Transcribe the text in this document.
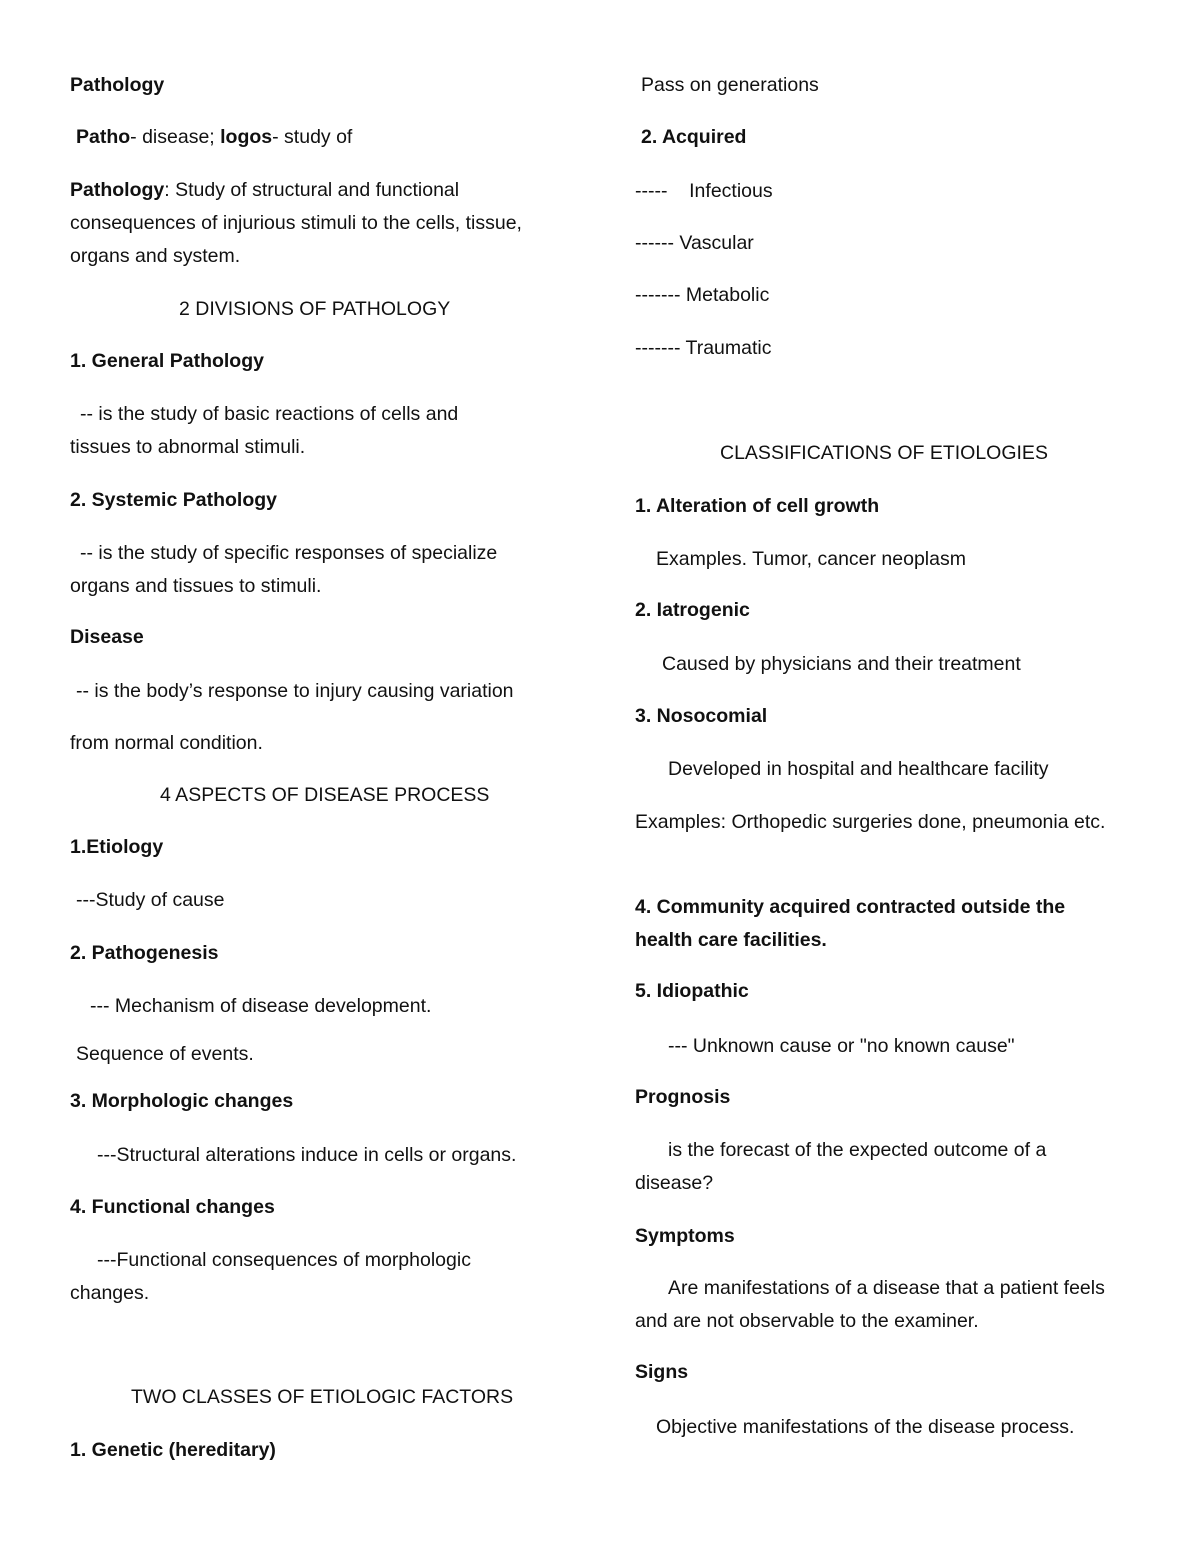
Pathology

Patho- disease; logos- study of

Pathology: Study of structural and functional consequences of injurious stimuli to the cells, tissue, organs and system.

2 DIVISIONS OF PATHOLOGY

1. General Pathology

-- is the study of basic reactions of cells and tissues to abnormal stimuli.

2. Systemic Pathology

-- is the study of specific responses of specialize organs and tissues to stimuli.

Disease

-- is the body’s response to injury causing variation

from normal condition.

4 ASPECTS OF DISEASE PROCESS

1.Etiology

---Study of cause

2. Pathogenesis

--- Mechanism of disease development.

Sequence of events.

3. Morphologic changes

---Structural alterations induce in cells or organs.

4. Functional changes

---Functional consequences of morphologic changes.

TWO CLASSES OF ETIOLOGIC FACTORS

1. Genetic (hereditary)

Pass on generations

2. Acquired

-----    Infectious

------ Vascular

------- Metabolic

------- Traumatic

CLASSIFICATIONS OF ETIOLOGIES

1. Alteration of cell growth

Examples. Tumor, cancer neoplasm

2. Iatrogenic

Caused by physicians and their treatment

3. Nosocomial

Developed in hospital and healthcare facility

Examples: Orthopedic surgeries done, pneumonia etc.

4. Community acquired contracted outside the health care facilities.

5. Idiopathic

--- Unknown cause or "no known cause"

Prognosis

is the forecast of the expected outcome of a disease?

Symptoms

Are manifestations of a disease that a patient feels and are not observable to the examiner.

Signs

Objective manifestations of the disease process.
